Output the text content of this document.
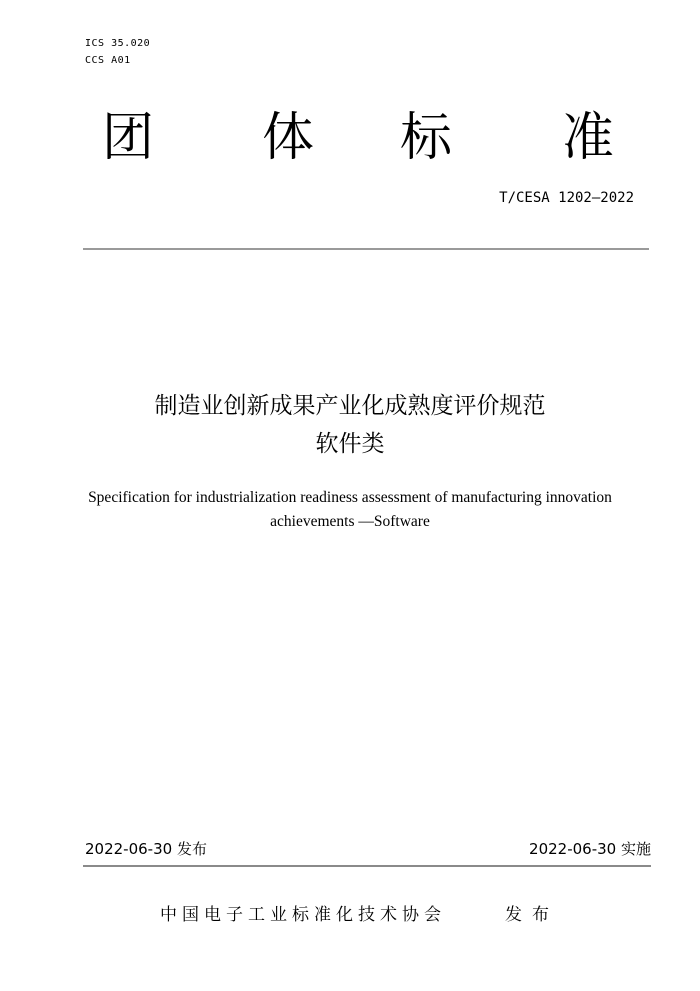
ICS 35.020
CCS A01
团 体 标 准
T/CESA 1202—2022
制造业创新成果产业化成熟度评价规范
软件类
Specification for industrialization readiness assessment of manufacturing innovation
achievements —Software
2022-06-30 发布	2022-06-30 实施
中国电子工业标准化技术协会	发布
